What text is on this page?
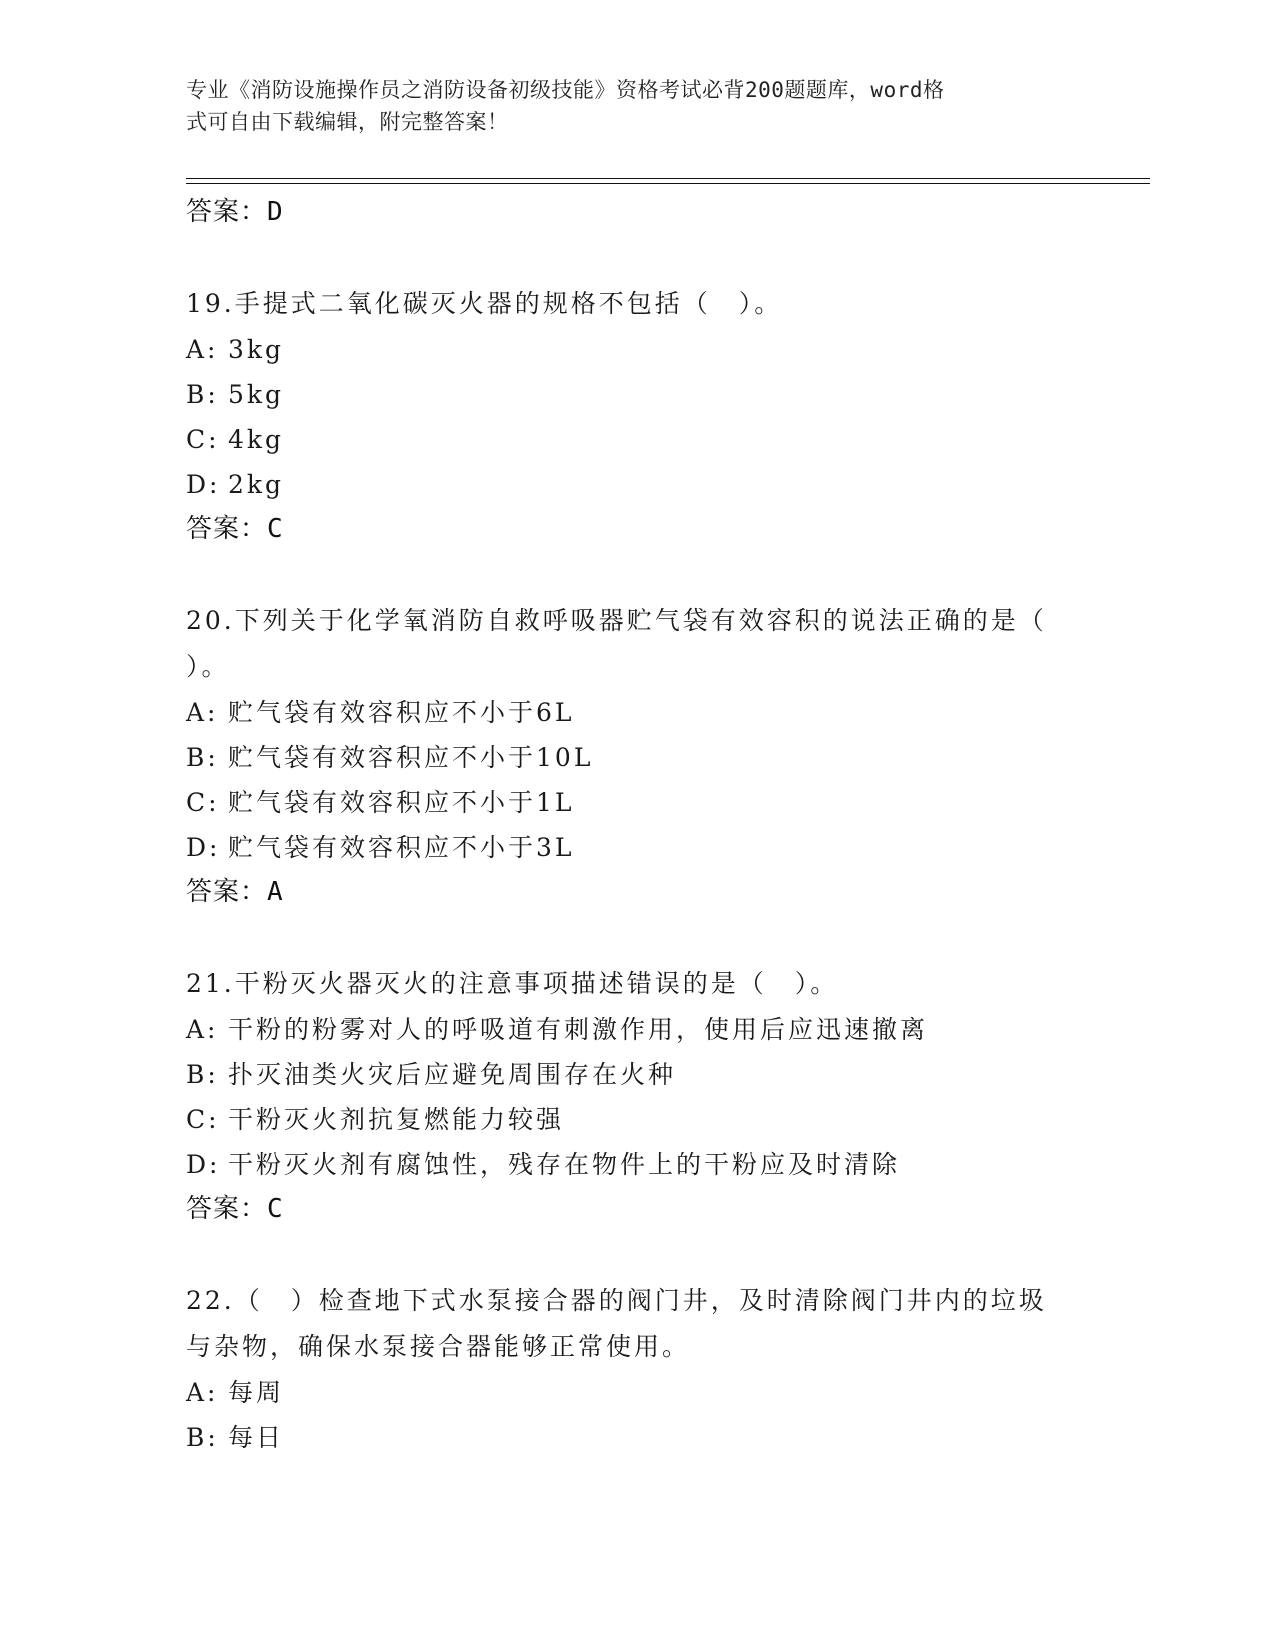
专业《消防设施操作员之消防设备初级技能》资格考试必背200题题库，word格
式可自由下载编辑，附完整答案！
答案：D
19.手提式二氧化碳灭火器的规格不包括（　）。
A: 3kg
B: 5kg
C: 4kg
D: 2kg
答案：C
20.下列关于化学氧消防自救呼吸器贮气袋有效容积的说法正确的是（
）。
A: 贮气袋有效容积应不小于6L
B: 贮气袋有效容积应不小于10L
C: 贮气袋有效容积应不小于1L
D: 贮气袋有效容积应不小于3L
答案：A
21.干粉灭火器灭火的注意事项描述错误的是（　）。
A: 干粉的粉雾对人的呼吸道有刺激作用，使用后应迅速撤离
B: 扑灭油类火灾后应避免周围存在火种
C: 干粉灭火剂抗复燃能力较强
D: 干粉灭火剂有腐蚀性，残存在物件上的干粉应及时清除
答案：C
22.（　）检查地下式水泵接合器的阀门井，及时清除阀门井内的垃圾
与杂物，确保水泵接合器能够正常使用。
A: 每周
B: 每日
